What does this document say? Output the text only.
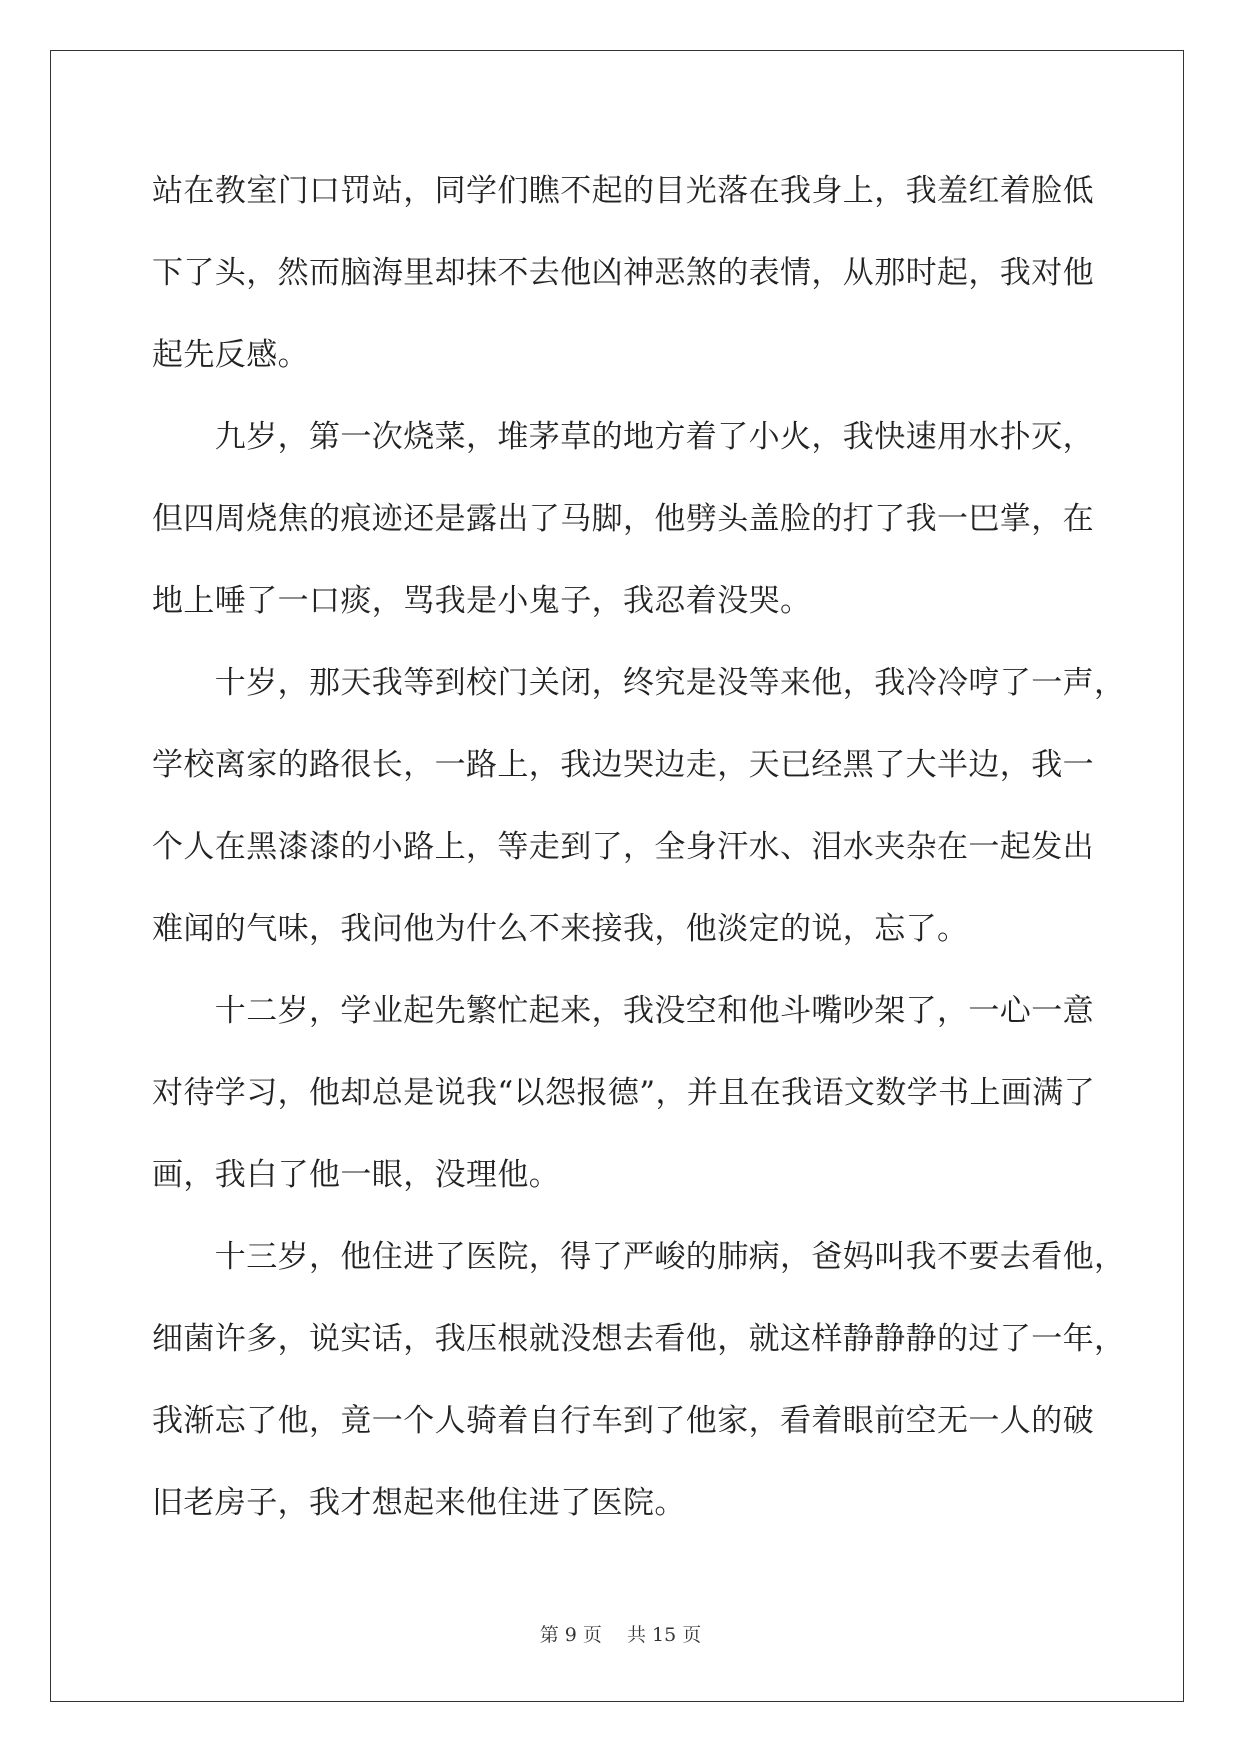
站在教室门口罚站，同学们瞧不起的目光落在我身上，我羞红着脸低
下了头，然而脑海里却抹不去他凶神恶煞的表情，从那时起，我对他
起先反感。
　　九岁，第一次烧菜，堆茅草的地方着了小火，我快速用水扑灭，
但四周烧焦的痕迹还是露出了马脚，他劈头盖脸的打了我一巴掌，在
地上唾了一口痰，骂我是小鬼子，我忍着没哭。
　　十岁，那天我等到校门关闭，终究是没等来他，我冷冷哼了一声，
学校离家的路很长，一路上，我边哭边走，天已经黑了大半边，我一
个人在黑漆漆的小路上，等走到了，全身汗水、泪水夹杂在一起发出
难闻的气味，我问他为什么不来接我，他淡定的说，忘了。
　　十二岁，学业起先繁忙起来，我没空和他斗嘴吵架了，一心一意
对待学习，他却总是说我“以怨报德”，并且在我语文数学书上画满了
画，我白了他一眼，没理他。
　　十三岁，他住进了医院，得了严峻的肺病，爸妈叫我不要去看他，
细菌许多，说实话，我压根就没想去看他，就这样静静静的过了一年，
我渐忘了他，竟一个人骑着自行车到了他家，看着眼前空无一人的破
旧老房子，我才想起来他住进了医院。
第 9 页　 共 15 页
